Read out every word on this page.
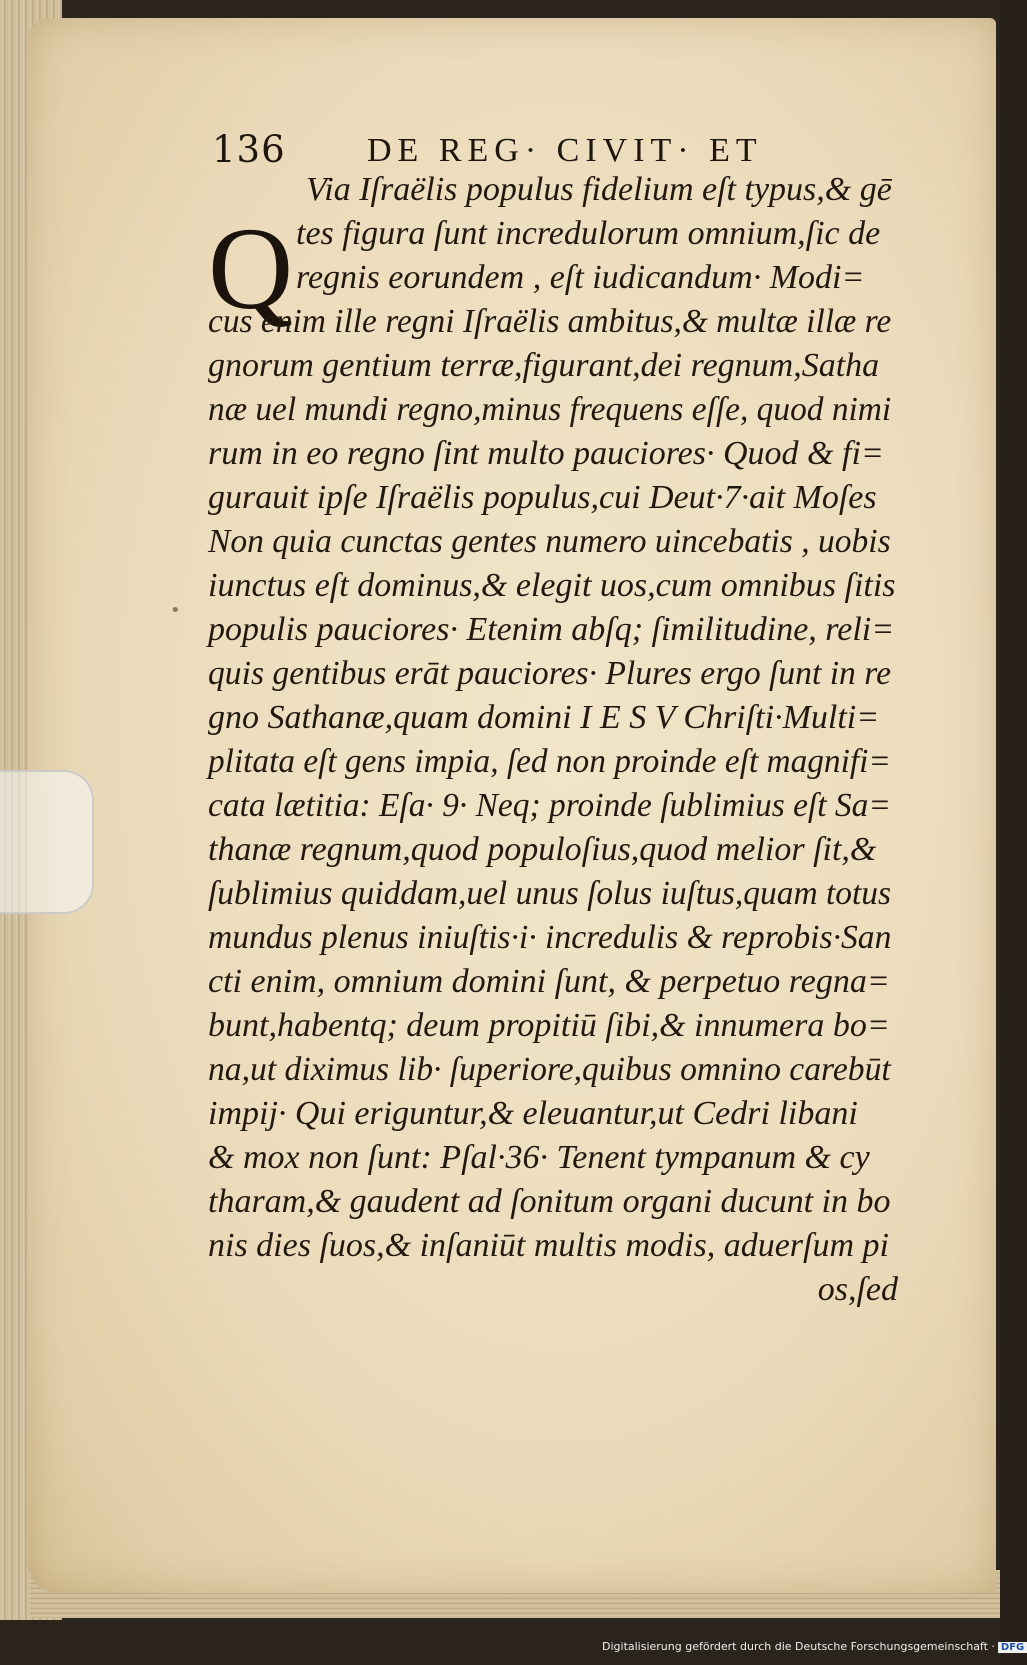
136 DE REG· CIVIT· ET
Q
•
Via Iſraëlis populus fidelium eſt typus,& gē
tes figura ſunt incredulorum omnium,ſic de
regnis eorundem , eſt iudicandum· Modi=
cus enim ille regni Iſraëlis ambitus,& multæ illæ re
gnorum gentium terræ,figurant,dei regnum,Satha
næ uel mundi regno,minus frequens eſſe, quod nimi
rum in eo regno ſint multo pauciores· Quod & fi=
gurauit ipſe Iſraëlis populus,cui Deut·7·ait Moſes
Non quia cunctas gentes numero uincebatis , uobis
iunctus eſt dominus,& elegit uos,cum omnibus ſitis
populis pauciores· Etenim abſq; ſimilitudine, reli=
quis gentibus erāt pauciores· Plures ergo ſunt in re
gno Sathanæ,quam domini I E S V Chriſti·Multi=
plitata eſt gens impia, ſed non proinde eſt magnifi=
cata lætitia: Eſa· 9· Neq; proinde ſublimius eſt Sa=
thanæ regnum,quod populoſius,quod melior ſit,&
ſublimius quiddam,uel unus ſolus iuſtus,quam totus
mundus plenus iniuſtis·i· incredulis & reprobis·San
cti enim, omnium domini ſunt, & perpetuo regna=
bunt,habentq; deum propitiū ſibi,& innumera bo=
na,ut diximus lib· ſuperiore,quibus omnino carebūt
impij· Qui eriguntur,& eleuantur,ut Cedri libani
& mox non ſunt: Pſal·36· Tenent tympanum & cy
tharam,& gaudent ad ſonitum organi ducunt in bo
nis dies ſuos,& inſaniūt multis modis, aduerſum pi
os,ſed
Digitalisierung gefördert durch die Deutsche Forschungsgemeinschaft · DFG
